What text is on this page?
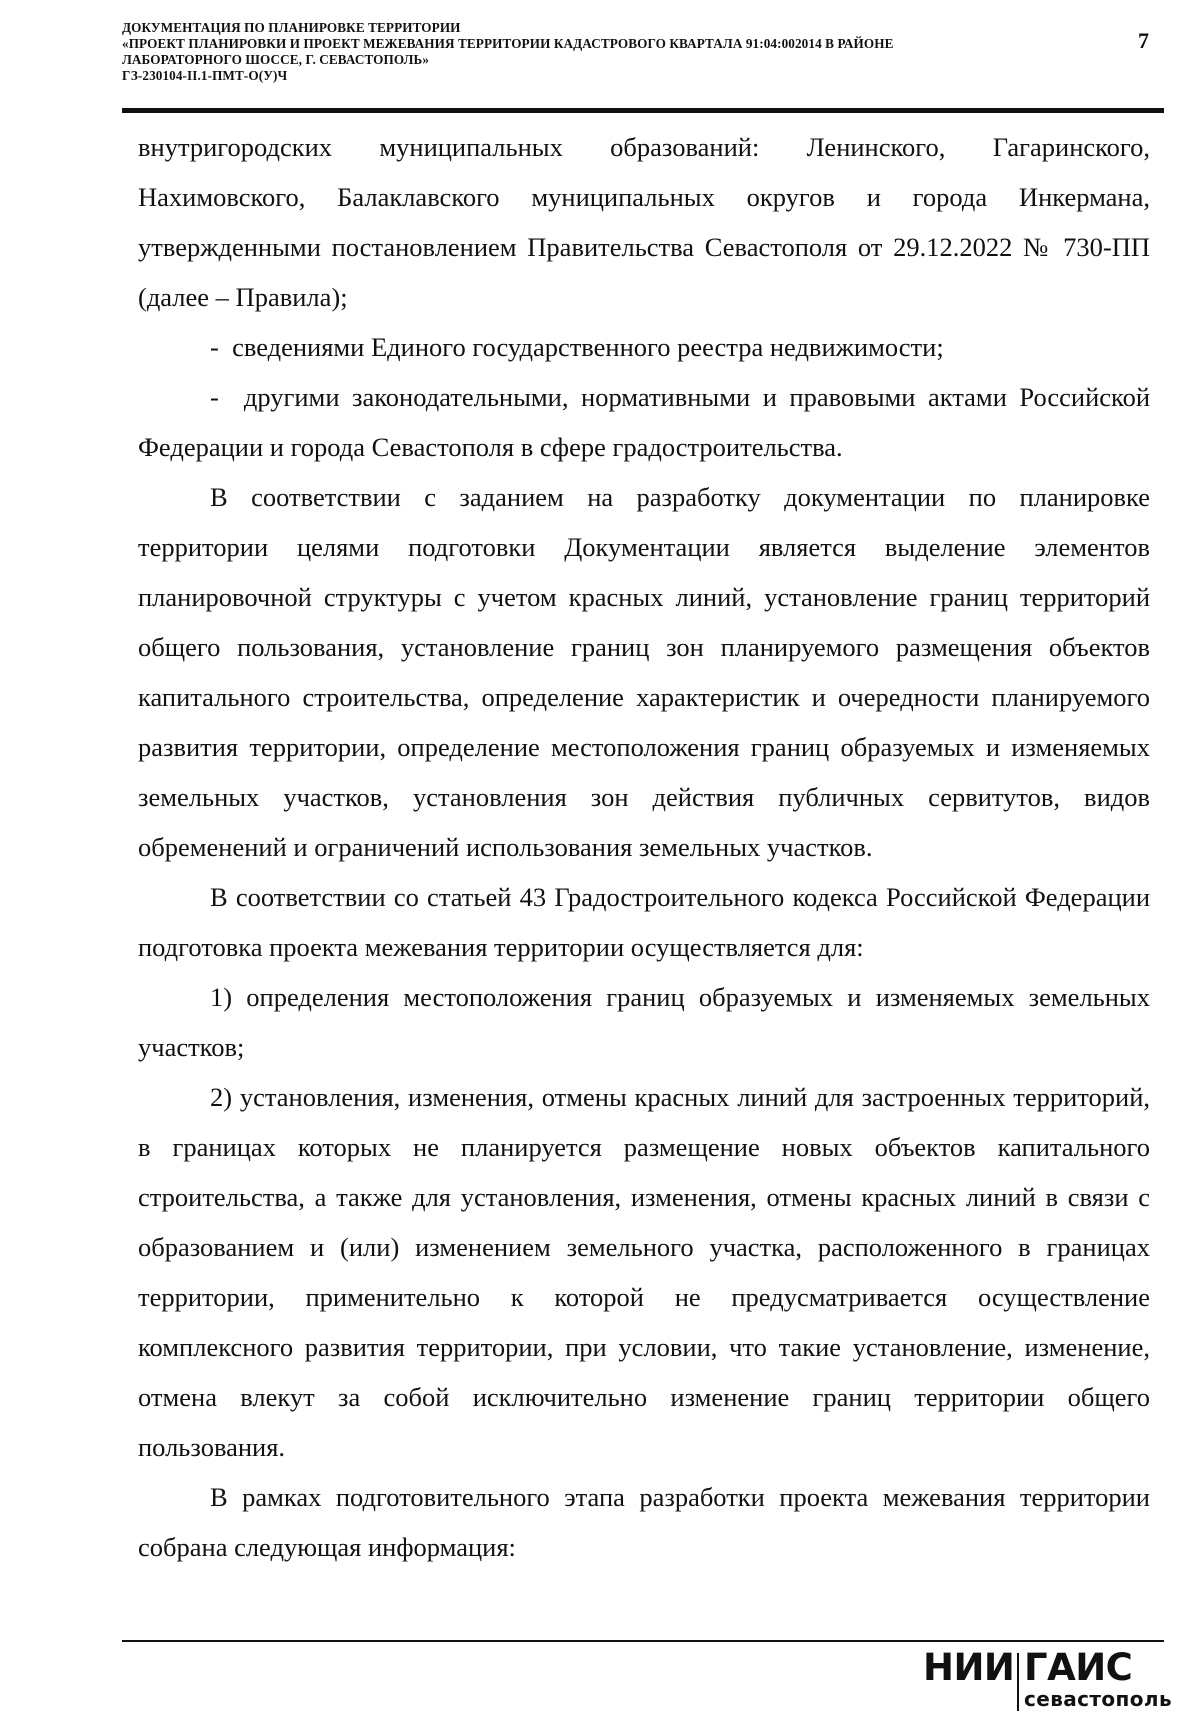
ДОКУМЕНТАЦИЯ ПО ПЛАНИРОВКЕ ТЕРРИТОРИИ
«ПРОЕКТ ПЛАНИРОВКИ И ПРОЕКТ МЕЖЕВАНИЯ ТЕРРИТОРИИ КАДАСТРОВОГО КВАРТАЛА 91:04:002014 В РАЙОНЕ
ЛАБОРАТОРНОГО ШОССЕ, Г. СЕВАСТОПОЛЬ»
ГЗ-230104-II.1-ПМТ-О(У)Ч
7

внутригородских муниципальных образований: Ленинского, Гагаринского, Нахимовского, Балаклавского муниципальных округов и города Инкермана, утвержденными постановлением Правительства Севастополя от 29.12.2022 № 730-ПП (далее – Правила);

-  сведениями Единого государственного реестра недвижимости;

-  другими законодательными, нормативными и правовыми актами Российской Федерации и города Севастополя в сфере градостроительства.

В соответствии с заданием на разработку документации по планировке территории целями подготовки Документации является выделение элементов планировочной структуры с учетом красных линий, установление границ территорий общего пользования, установление границ зон планируемого размещения объектов капитального строительства, определение характеристик и очередности планируемого развития территории, определение местоположения границ образуемых и изменяемых земельных участков, установления зон действия публичных сервитутов, видов обременений и ограничений использования земельных участков.

В соответствии со статьей 43 Градостроительного кодекса Российской Федерации подготовка проекта межевания территории осуществляется для:

1) определения местоположения границ образуемых и изменяемых земельных участков;

2) установления, изменения, отмены красных линий для застроенных территорий, в границах которых не планируется размещение новых объектов капитального строительства, а также для установления, изменения, отмены красных линий в связи с образованием и (или) изменением земельного участка, расположенного в границах территории, применительно к которой не предусматривается осуществление комплексного развития территории, при условии, что такие установление, изменение, отмена влекут за собой исключительно изменение границ территории общего пользования.

В рамках подготовительного этапа разработки проекта межевания территории собрана следующая информация:

НИИ ГАИС
севастополь
